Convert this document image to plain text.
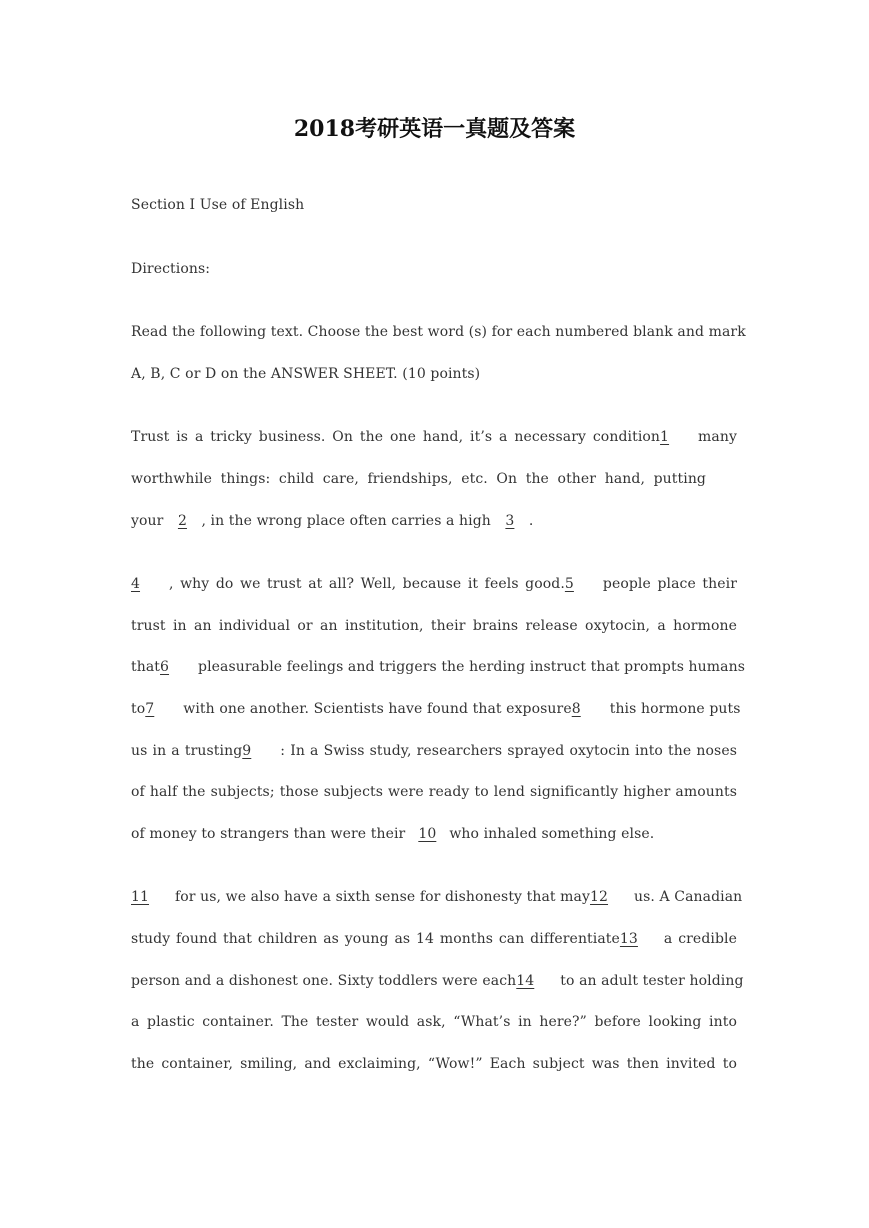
2018考研英语一真题及答案
Section I Use of English
Directions:
Read the following text. Choose the best word (s) for each numbered blank and mark
A, B, C or D on the ANSWER SHEET. (10 points)
Trust is a tricky business. On the one hand, it’s a necessary condition1 many
worthwhile things: child care, friendships, etc. On the other hand, putting
your 2 , in the wrong place often carries a high 3 .
4 , why do we trust at all? Well, because it feels good.5 people place their
trust in an individual or an institution, their brains release oxytocin, a hormone
that6 pleasurable feelings and triggers the herding instruct that prompts humans
to7 with one another. Scientists have found that exposure8 this hormone puts
us in a trusting9 : In a Swiss study, researchers sprayed oxytocin into the noses
of half the subjects; those subjects were ready to lend significantly higher amounts
of money to strangers than were their 10 who inhaled something else.
11 for us, we also have a sixth sense for dishonesty that may12 us. A Canadian
study found that children as young as 14 months can differentiate13 a credible
person and a dishonest one. Sixty toddlers were each14 to an adult tester holding
a plastic container. The tester would ask, “What’s in here?” before looking into
the container, smiling, and exclaiming, “Wow!” Each subject was then invited to
